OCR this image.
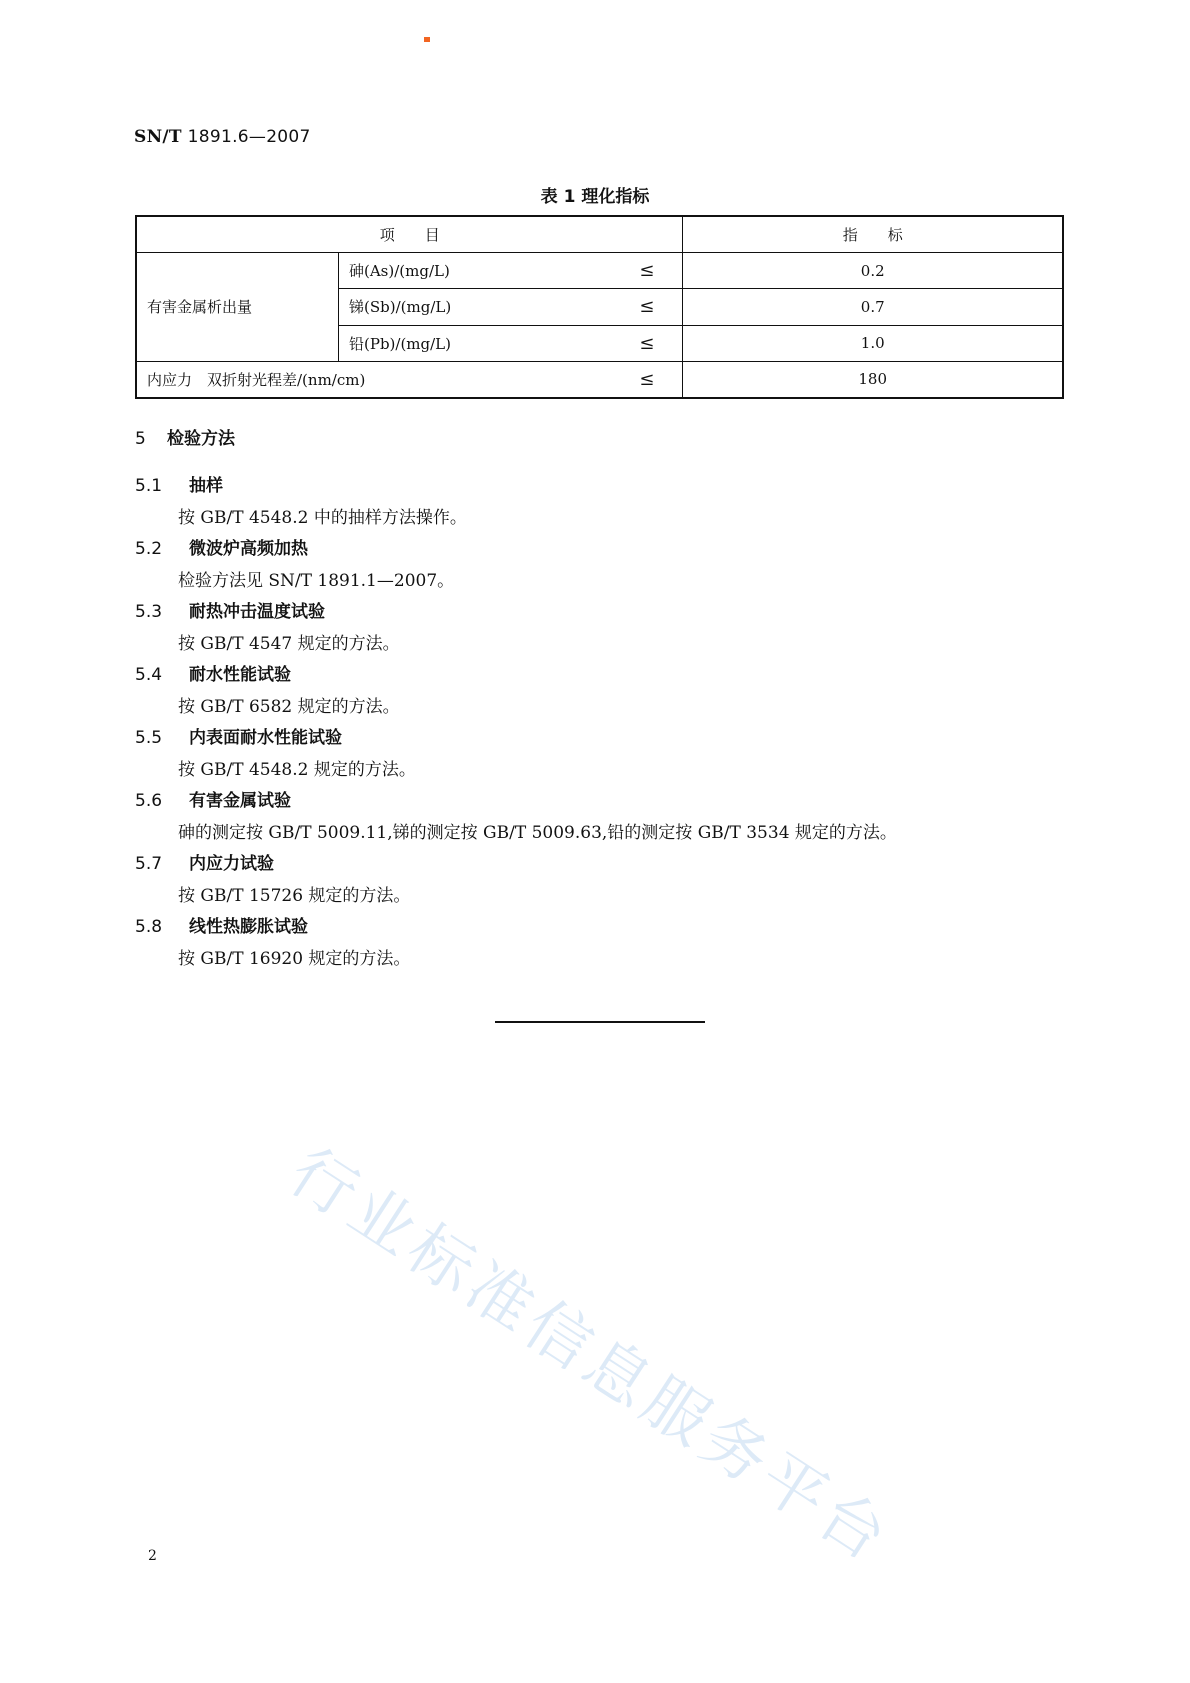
SN/T 1891.6—2007
表 1 理化指标
项　　目			指　　标
有害金属析出量	砷(As)/(mg/L)	≤	0.2
	锑(Sb)/(mg/L)	≤	0.7
	铅(Pb)/(mg/L)	≤	1.0
内应力　双折射光程差/(nm/cm)		≤	180
5 检验方法
5.1 抽样
按 GB/T 4548.2 中的抽样方法操作。
5.2 微波炉高频加热
检验方法见 SN/T 1891.1—2007。
5.3 耐热冲击温度试验
按 GB/T 4547 规定的方法。
5.4 耐水性能试验
按 GB/T 6582 规定的方法。
5.5 内表面耐水性能试验
按 GB/T 4548.2 规定的方法。
5.6 有害金属试验
砷的测定按 GB/T 5009.11,锑的测定按 GB/T 5009.63,铅的测定按 GB/T 3534 规定的方法。
5.7 内应力试验
按 GB/T 15726 规定的方法。
5.8 线性热膨胀试验
按 GB/T 16920 规定的方法。
行业标准信息服务平台
2
